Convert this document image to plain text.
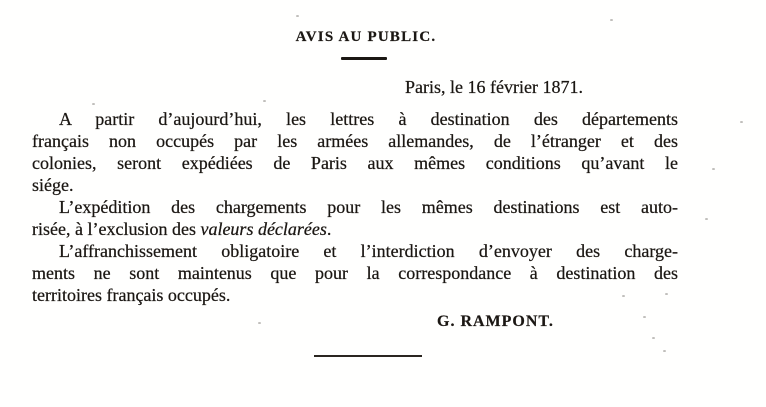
AVIS AU PUBLIC.
Paris, le 16 février 1871.
A partir d’aujourd’hui, les lettres à destination des départements
français non occupés par les armées allemandes, de l’étranger et des
colonies, seront expédiées de Paris aux mêmes conditions qu’avant le
siége.
L’expédition des chargements pour les mêmes destinations est auto-
risée, à l’exclusion des valeurs déclarées.
L’affranchissement obligatoire et l’interdiction d’envoyer des charge-
ments ne sont maintenus que pour la correspondance à destination des
territoires français occupés.
G. RAMPONT.
